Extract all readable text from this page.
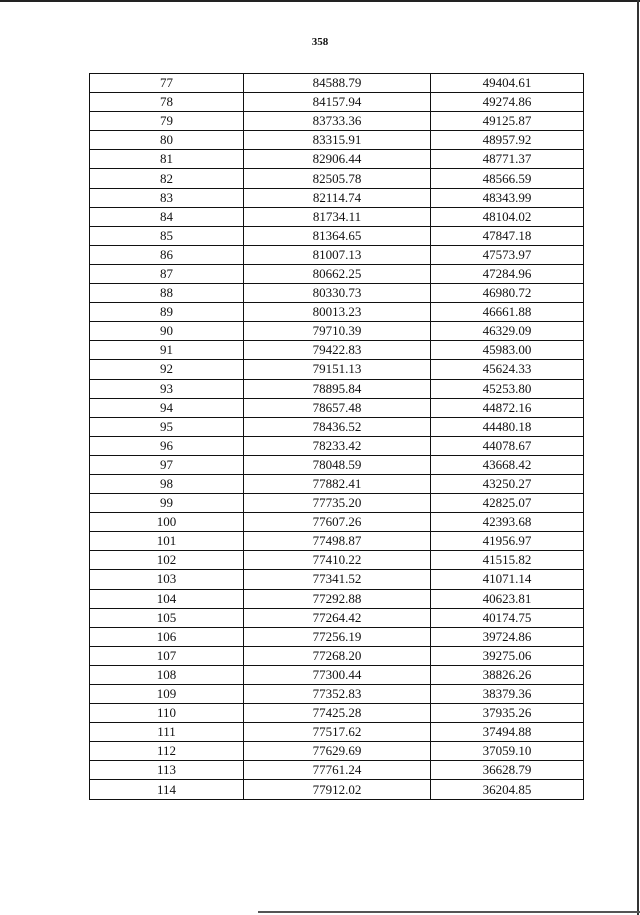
358
77	84588.79	49404.61
78	84157.94	49274.86
79	83733.36	49125.87
80	83315.91	48957.92
81	82906.44	48771.37
82	82505.78	48566.59
83	82114.74	48343.99
84	81734.11	48104.02
85	81364.65	47847.18
86	81007.13	47573.97
87	80662.25	47284.96
88	80330.73	46980.72
89	80013.23	46661.88
90	79710.39	46329.09
91	79422.83	45983.00
92	79151.13	45624.33
93	78895.84	45253.80
94	78657.48	44872.16
95	78436.52	44480.18
96	78233.42	44078.67
97	78048.59	43668.42
98	77882.41	43250.27
99	77735.20	42825.07
100	77607.26	42393.68
101	77498.87	41956.97
102	77410.22	41515.82
103	77341.52	41071.14
104	77292.88	40623.81
105	77264.42	40174.75
106	77256.19	39724.86
107	77268.20	39275.06
108	77300.44	38826.26
109	77352.83	38379.36
110	77425.28	37935.26
111	77517.62	37494.88
112	77629.69	37059.10
113	77761.24	36628.79
114	77912.02	36204.85
